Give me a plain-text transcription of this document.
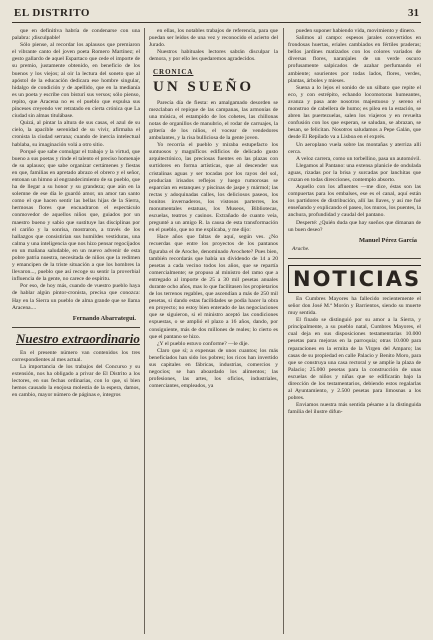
EL DISTRITO	31

que en definitiva habría de condenarse con una palabra: ¡disculpable!

Sólo piense, al recordar los aplausos que premiaron el vibrante canto del joven poeta Romero Martínez; el gesto gallardo de aquel Espartaco que cede el importe de su premio, justamente obtenido, en beneficio de los buenos y los viejos; al oir la lectura del soneto que al apóstol de la educación dedicara ese hombre singular, hidalgo de condición y de apellido, que en la medianía es un poeta y escribe con bisturí sus versos; sólo pienso, repito, que Aracena no es el pueblo que expulsa sus pínceses creyendo ver retratado en cierta crónica que La ciudad sin almas titulábase.

Quizá, al pintar la altura de sus casas, el azul de su cielo, la apacible serenidad de su vivir, afirmaba el cronista la ciudad serrana; cuando de inercia intelectual hablaba, su imaginación volá a otro sitio.

Porqué que sabe comulgar el trabajo y la virtud, que bueno a sus poetas y rinde el talento el preciso homenaje de su aplauso; que sabe organizar certámenes y fiestas en que, familias en apretado abrazo el obrero y el señor, entonan un himno al engrandecimiento de su pueblo, que ha de llegar a su honor y su grandeza; que aún en la solemne de ese día le guardó amor, un amor tan santo como el que hacen sentir las bellas hijas de la Sierra, hermosas flores que encuadraron el espectáculo conmovedor de aquellos niños que, guiados por un maestro bueno y sabio que sustituye las disciplinas por el cariño y la sonrisa, mostraron, a través de los hallazgos que consistirían sus humildes vestiduras, una calma y una inteligencia que nos hizo pensar regocijados en un mañana saludable, en un nuevo advenir de esta pobre patria nuestra, necesitada de niños que la redimen y emancipen de la triste situación a que los hombres la llevaron..., pueblo que así recoge su sentir la proverbial influencia de la gente, no carece de espíritu.

Por eso, de hoy más, cuando de vuestro pueblo haya de hablar algún pintor-cronista, precisa que conozca: Hay en la Sierra un pueblo de alma grande que se llama Aracena....

Fernando Abarrategui.

Nuestro extraordinario

En el presente número van contenidos los tres correspondientes al mes actual.

La importancia de los trabajos del Concurso y su extensión, nos ha obligado a privar de El Distrito a los lectores, en sus fechas ordinarias, con lo que, si bien hemos causado la enojosa molestia de la espera, damos, en cambio, mayor número de páginas e, integros

en ellas, los notables trabajos de referencia, para que puedan ser leídos de una vez y reconocido el acierto del Jurado.

Nuestros habituales lectores sabrán disculpar la demora, y por ello les quedaremos agradecidos.

CRONICA

UN SUEÑO

Parecía día de fiesta: en amalgamado desorden se mezclaban el repique de las campanas, las armonías de una música, el estampido de los cohetes, las chillonas notas de organillos de manubrio, el rodar de carruajes, la gritería de los niños, el vocear de vendedores ambulantes, y la risa bulliciosa de la gente joven.

Yo recorría el pueblo y miraba estupefacto los suntuosos y magníficos edificios de delicado gusto arquitectónico, las preciosas fuentes en las plazas con surtidores en forma artísticas, que al descender sus cristalinas aguas y ser tocadas por los rayos del sol, producían irisados reflejos y luego rumorosas se esparcían en estanques y piscinas de jaspe y mármol; las rectas y adoquinadas calles, los deliciosos paseos, los bonitos invernaderos, los vistosos parterres, los monumentales estatuas, los Museos, Bibliotecas, escuelas, teatros y casinos. Extrañado de cuanto veía, pregunté a un amigo R. la causa de esta transformación en el pueblo, que no me explicaba, y me dijo:

Hace años que faltas de aquí, según ves. ¿No recuerdas que entre los proyectos de los pantanos figuraba el de Aroche, denominado Avochete? Pues bien, también recordarás que había un dividendo de 14 a 20 pesetas a cada vecino todos los años, que se repartía comercialmente; se propuso al ministro del ramo que a entregado al importe de 25 a 30 mil pesetas anuales durante ocho años, mas lo que facilitasen los propietarios de los terrenos regables, que ascendían a más de 250 mil pesetas, si dando estas facilidades se podía hacer la obra en proyecto; no estoy bien enterado de las negociaciones que se siguieron, si el ministro aceptó las condiciones expuestas, o se amplió el plazo a 16 años, dando, por consiguiente, más de dos millones de reales; lo cierto es que el pantano se hizo.

¿Y el pueblo estuvo conforme? —le dije.

Claro que sí; a expensas de unos cuantos; los más beneficiados han sido los pobres; los ricos han invertido sus capitales en fábricas, industrias, comercios y negocios; se han aboardado los alimentos; las profesiones, las artes, los oficios, industriales, comerciantes, empleados, ya

pueden suponer habiendo vida, movimiento y dinero.

Salimos al campo: espesos jarales convertidos en frondosas huertas, eriales cambiados en fértiles praderas; bellos jardines matizados con los colores variados de diversas flores, naranjales de un verde oscuro profusamente salpicados de azahar perfumando el ambiente; sourientes por todas lados, flores, verdes, plantas, árboles y mieses.

Suena a lo lejos el sonido de un silbato que repite el eco, y con estrépito, echando locomotoras humeantes, avanza y pasa ante nosotros majestuoso y sereno el monstruo de cabellera de humo; es pilea en la estación, se abren las puertezuelas, salen los viajeros y en revuelta confusión con los que esperan, se saludan, se abrazan, se besan, se felicitan. Nosotros saludamos a Pepe Galán, que desde El Repilado va a Lisboa en el exprés.

Un aeroplano vuela sobre las montañas y aterriza allí cerca.

A veloz carrera, como un torbellino, pasa un automóvil.

Llegamos al Pantano: una extensa planicie de ondulada aguas, rizadas por la brisa y surcadas por lanchitas que cruzan en todas direcciones, contemplo absorto.

Aquello con los afluentes —me dice, éstas son las compuertas para los embalses, ese es el canal, aquí están los partidores de distribución, allí las llaves, y así me fué enseñando y explicando el paseo, los muros, los puentes, la anchura, profundidad y caudal del pantano.

Desperté: ¿Quién duda que hay sueños que dimanan de un buen deseo?

Manuel Pérez García

Arache.

NOTICIAS

En Cumbres Mayores ha fallecido recientemente el señor don José M.ª Morón y Barrientos, siendo su muerte muy sentida.

El finado se distinguió por su amor a la Sierra, y principalmente, a su pueblo natal, Cumbres Mayores, el cual deja en sus disposiciones testamentarias 10.000 pesetas para mejoras en la parroquia; otras 10.000 para reparaciones en la ermita de la Virgen del Amparo; las casas de su propiedad en calle Palacio y Benito Moro, para que se construya una casa rectoral y se amplíe la plaza de Palacio; 25.000 pesetas para la construcción de unas escuelas de niños y niñas que se edificarán bajo la dirección de los testamentarios, debiendo estos regalarlas al Ayuntamiento, y 2.500 pesetas para limosnas a los pobres.

Enviamos nuestra más sentida pésame a la distinguida familia del ilustre difun-
